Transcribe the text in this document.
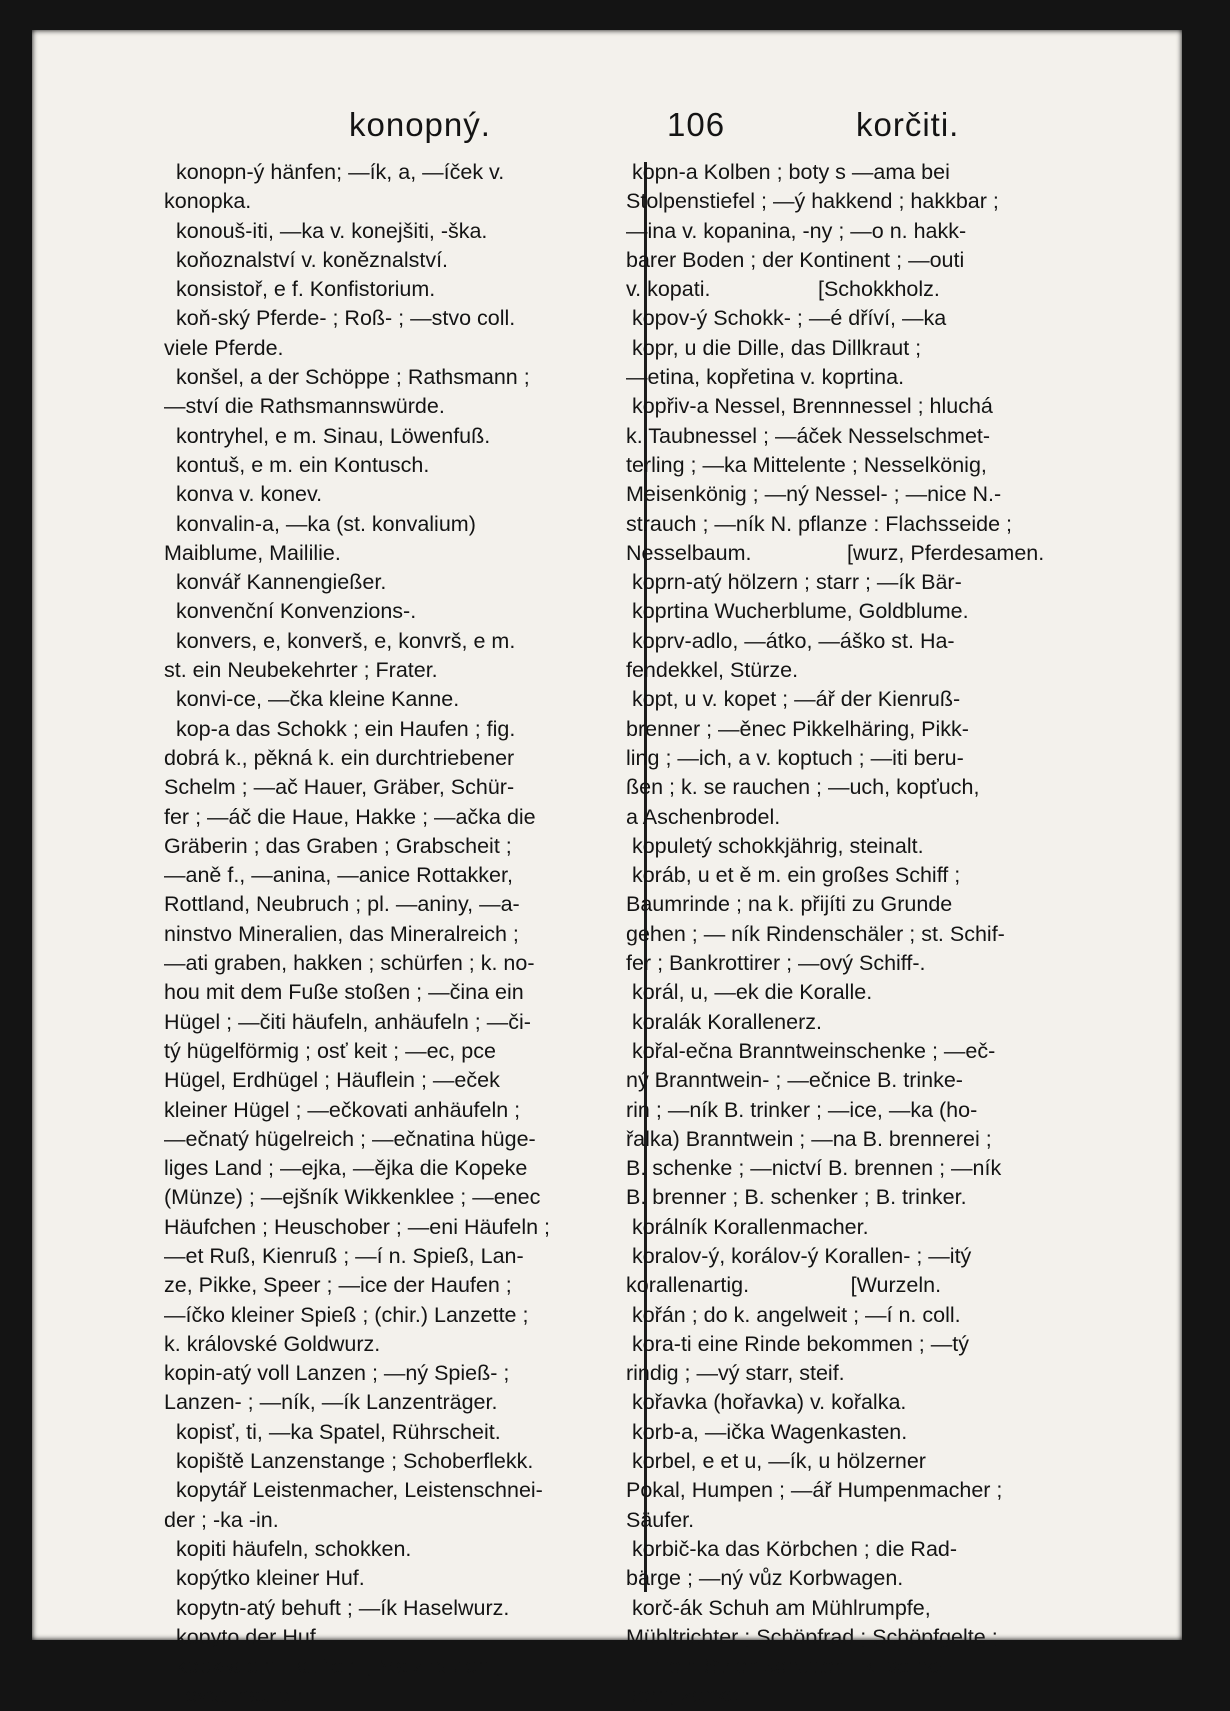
konopný.	106	korčiti.
konopn-ý hänfen; —ík, a, —íček v.
konopka.
konouš-iti, —ka v. konejšiti, -ška.
koňoznalství v. koněznalství.
konsistoř, e f. Konfistorium.
koň-ský Pferde- ; Roß- ; —stvo coll.
viele Pferde.
konšel, a der Schöppe ; Rathsmann ;
—ství die Rathsmannswürde.
kontryhel, e m. Sinau, Löwenfuß.
kontuš, e m. ein Kontusch.
konva v. konev.
konvalin-a, —ka (st. konvalium)
Maiblume, Maililie.
konvář Kannengießer.
konvenční Konvenzions-.
konvers, e, konverš, e, konvrš, e m.
st. ein Neubekehrter ; Frater.
konvi-ce, —čka kleine Kanne.
kop-a das Schokk ; ein Haufen ; fig.
dobrá k., pěkná k. ein durchtriebener
Schelm ; —ač Hauer, Gräber, Schür-
fer ; —áč die Haue, Hakke ; —ačka die
Gräberin ; das Graben ; Grabscheit ;
—aně f., —anina, —anice Rottakker,
Rottland, Neubruch ; pl. —aniny, —a-
ninstvo Mineralien, das Mineralreich ;
—ati graben, hakken ; schürfen ; k. no-
hou mit dem Fuße stoßen ; —čina ein
Hügel ; —čiti häufeln, anhäufeln ; —či-
tý hügelförmig ; osť keit ; —ec, pce
Hügel, Erdhügel ; Häuflein ; —eček
kleiner Hügel ; —ečkovati anhäufeln ;
—ečnatý hügelreich ; —ečnatina hüge-
liges Land ; —ejka, —ějka die Kopeke
(Münze) ; —ejšník Wikkenklee ; —enec
Häufchen ; Heuschober ; —eni Häufeln ;
—et Ruß, Kienruß ; —í n. Spieß, Lan-
ze, Pikke, Speer ; —ice der Haufen ;
—íčko kleiner Spieß ; (chir.) Lanzette ;
k. královské Goldwurz.
kopin-atý voll Lanzen ; —ný Spieß- ;
Lanzen- ; —ník, —ík Lanzenträger.
kopisť, ti, —ka Spatel, Rührscheit.
kopiště Lanzenstange ; Schoberflekk.
kopytář Leistenmacher, Leistenschnei-
der ; -ka -in.
kopiti häufeln, schokken.
kopýtko kleiner Huf.
kopytn-atý behuft ; —ík Haselwurz.
kopyto der Huf.
kopk-a ein Häuflein ; Malzhaufen ;
—ovati häufeln.
kopn-a Kolben ; boty s —ama bei
Stolpenstiefel ; —ý hakkend ; hakkbar ;
—ina v. kopanina, -ny ; —o n. hakk-
barer Boden ; der Kontinent ; —outi
v. kopati.                  [Schokkholz.
kopov-ý Schokk- ; —é dříví, —ka
kopr, u die Dille, das Dillkraut ;
—etina, kopřetina v. koprtina.
kopřiv-a Nessel, Brennnessel ; hluchá
k. Taubnessel ; —áček Nesselschmet-
terling ; —ka Mittelente ; Nesselkönig,
Meisenkönig ; —ný Nessel- ; —nice N.-
strauch ; —ník N. pflanze : Flachsseide ;
Nesselbaum.                [wurz, Pferdesamen.
koprn-atý hölzern ; starr ; —ík Bär-
koprtina Wucherblume, Goldblume.
koprv-adlo, —átko, —áško st. Ha-
fendekkel, Stürze.
kopt, u v. kopet ; —ář der Kienruß-
brenner ; —ěnec Pikkelhäring, Pikk-
ling ; —ich, a v. koptuch ; —iti beru-
ßen ; k. se rauchen ; —uch, kopťuch,
a Aschenbrodel.
kopuletý schokkjährig, steinalt.
koráb, u et ě m. ein großes Schiff ;
Baumrinde ; na k. přijíti zu Grunde
gehen ; — ník Rindenschäler ; st. Schif-
fer ; Bankrottirer ; —ový Schiff-.
korál, u, —ek die Koralle.
koralák Korallenerz.
kořal-ečna Branntweinschenke ; —eč-
ný Branntwein- ; —ečnice B. trinke-
rin ; —ník B. trinker ; —ice, —ka (ho-
řalka) Branntwein ; —na B. brennerei ;
B. schenke ; —nictví B. brennen ; —ník
B. brenner ; B. schenker ; B. trinker.
korálník Korallenmacher.
koralov-ý, korálov-ý Korallen- ; —itý
korallenartig.                 [Wurzeln.
kořán ; do k. angelweit ; —í n. coll.
kora-ti eine Rinde bekommen ; —tý
rindig ; —vý starr, steif.
kořavka (hořavka) v. kořalka.
korb-a, —ička Wagenkasten.
korbel, e et u, —ík, u hölzerner
Pokal, Humpen ; —ář Humpenmacher ;
Säufer.
korbič-ka das Körbchen ; die Rad-
bärge ; —ný vůz Korbwagen.
korč-ák Schuh am Mühlrumpfe,
Mühltrichter ; Schöpfrad ; Schöpfgelte ;
—iti ein Strich schütten ; k. se ha-
dern, zanken.
